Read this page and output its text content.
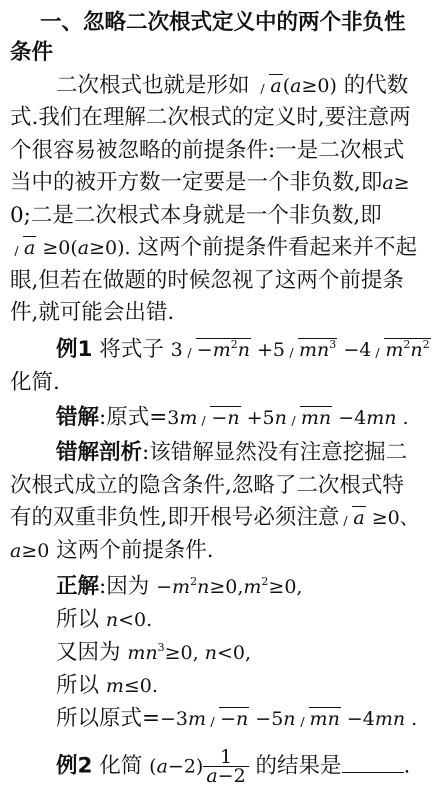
一、忽略二次根式定义中的两个非负性
条件
二次根式也就是形如 a(a≥0) 的代数
式.我们在理解二次根式的定义时,要注意两
个很容易被忽略的前提条件:一是二次根式
当中的被开方数一定要是一个非负数,即a≥
0;二是二次根式本身就是一个非负数,即
a ≥0(a≥0). 这两个前提条件看起来并不起
眼,但若在做题的时候忽视了这两个前提条
件,就可能会出错.
例1 将式子 $3 -m^2n +5$ $mn^3 -4$ $m^2n^2$
化简.
错解:原式=3m −n +5n mn −4mn .
错解剖析:该错解显然没有注意挖掘二
次根式成立的隐含条件,忽略了二次根式特
有的双重非负性,即开根号必须注意 a ≥0、
a≥0 这两个前提条件.
正解:因为 $-m^2n\ge 0,m^2\ge 0$,
所以 n<0.
又因为 $mn^3\ge 0$, n<0,
所以 m≤0.
所以原式=−3m −n −5n mn −4mn .
例2 化简 $(a-2) \frac{1}{a-2}$ 的结果是	.
